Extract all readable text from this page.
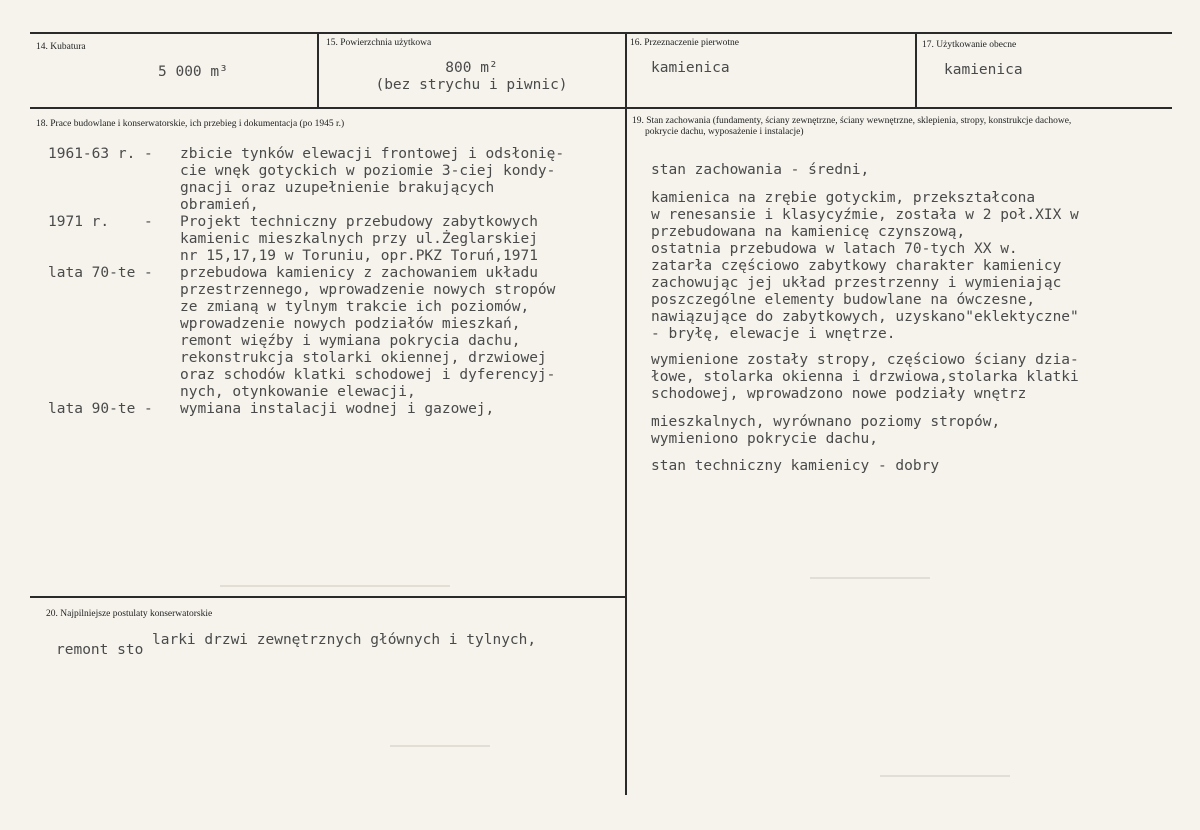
14. Kubatura
5 000 m³
15. Powierzchnia użytkowa
800 m²
(bez strychu i piwnic)
16. Przeznaczenie pierwotne
kamienica
17. Użytkowanie obecne
kamienica
18. Prace budowlane i konserwatorskie, ich przebieg i dokumentacja (po 1945 r.)
1961-63 r. - zbicie tynków elewacji frontowej i odsłonię-
cie wnęk gotyckich w poziomie 3-ciej kondy-
gnacji oraz uzupełnienie brakujących
obramień,
1971 r.    - Projekt techniczny przebudowy zabytkowych
kamienic mieszkalnych przy ul.Żeglarskiej
nr 15,17,19 w Toruniu, opr.PKZ Toruń,1971
lata 70-te - przebudowa kamienicy z zachowaniem układu
przestrzennego, wprowadzenie nowych stropów
ze zmianą w tylnym trakcie ich poziomów,
wprowadzenie nowych podziałów mieszkań,
remont więźby i wymiana pokrycia dachu,
rekonstrukcja stolarki okiennej, drzwiowej
oraz schodów klatki schodowej i dyferencyj-
nych, otynkowanie elewacji,
lata 90-te - wymiana instalacji wodnej i gazowej,
19. Stan zachowania (fundamenty, ściany zewnętrzne, ściany wewnętrzne, sklepienia, stropy, konstrukcje dachowe,
pokrycie dachu, wyposażenie i instalacje)
stan zachowania - średni,
kamienica na zrębie gotyckim, przekształcona
w renesansie i klasycyźmie, została w 2 poł.XIX w
przebudowana na kamienicę czynszową,
ostatnia przebudowa w latach 70-tych XX w.
zatarła częściowo zabytkowy charakter kamienicy
zachowując jej układ przestrzenny i wymieniając
poszczególne elementy budowlane na ówczesne,
nawiązujące do zabytkowych, uzyskano"eklektyczne"
- bryłę, elewacje i wnętrze.
wymienione zostały stropy, częściowo ściany dzia-
łowe, stolarka okienna i drzwiowa,stolarka klatki
schodowej, wprowadzono nowe podziały wnętrz
mieszkalnych, wyrównano poziomy stropów,
wymieniono pokrycie dachu,
stan techniczny kamienicy - dobry
20. Najpilniejsze postulaty konserwatorskie
remont sto
larki drzwi zewnętrznych głównych i tylnych,
